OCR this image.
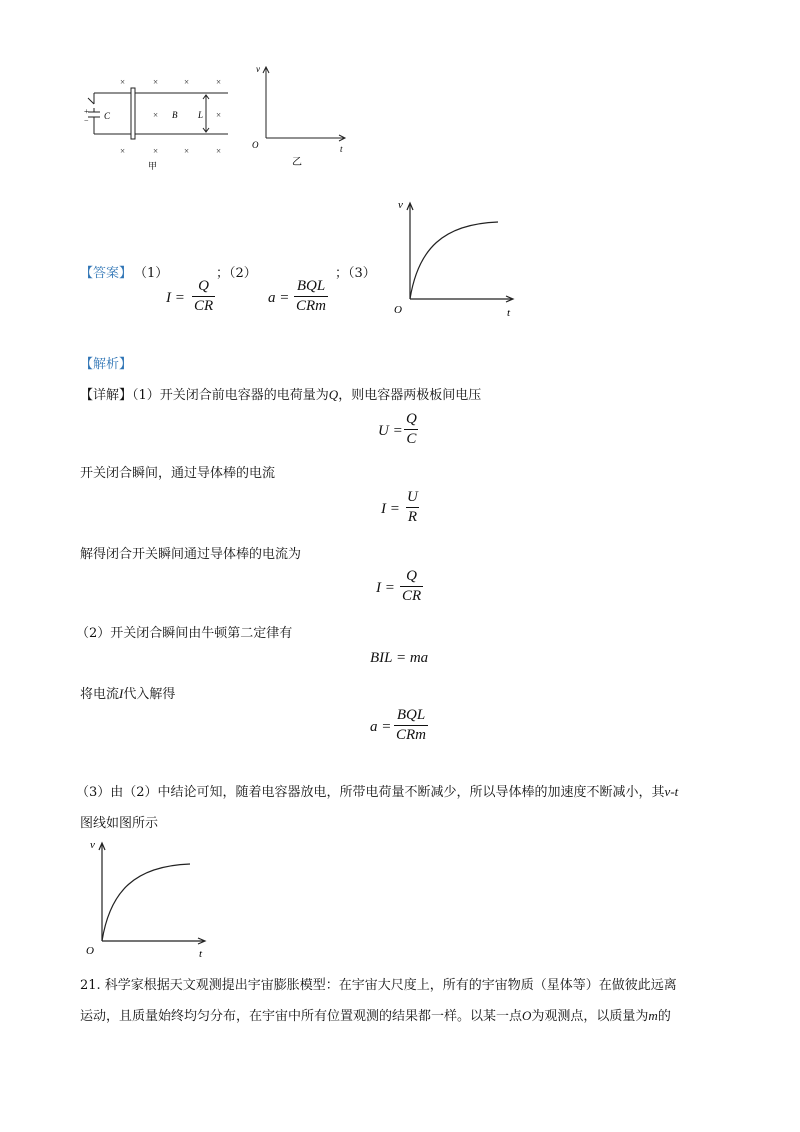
+
− C	B L
×	×	×	×
×	×
×	×	×	×
甲
v
O	t
乙
【答案】 （1）	；（2）	；（3）
$I = \frac{Q}{CR}$	a =
BQL
CRm
v
O	t
【解析】
【详解】（1）开关闭合前电容器的电荷量为Q，则电容器两极板间电压
$U = \frac{Q}{C}$
开关闭合瞬间，通过导体棒的电流
$I = \frac{U}{R}$
解得闭合开关瞬间通过导体棒的电流为
$I = \frac{Q}{CR}$
（2）开关闭合瞬间由牛顿第二定律有
BIL = ma
将电流I代入解得
a =
BQL
CRm
（3）由（2）中结论可知，随着电容器放电，所带电荷量不断减少，所以导体棒的加速度不断减小，其v-t
图线如图所示
v
O	t
21. 科学家根据天文观测提出宇宙膨胀模型：在宇宙大尺度上，所有的宇宙物质（星体等）在做彼此远离
运动，且质量始终均匀分布，在宇宙中所有位置观测的结果都一样。以某一点O为观测点，以质量为m的
